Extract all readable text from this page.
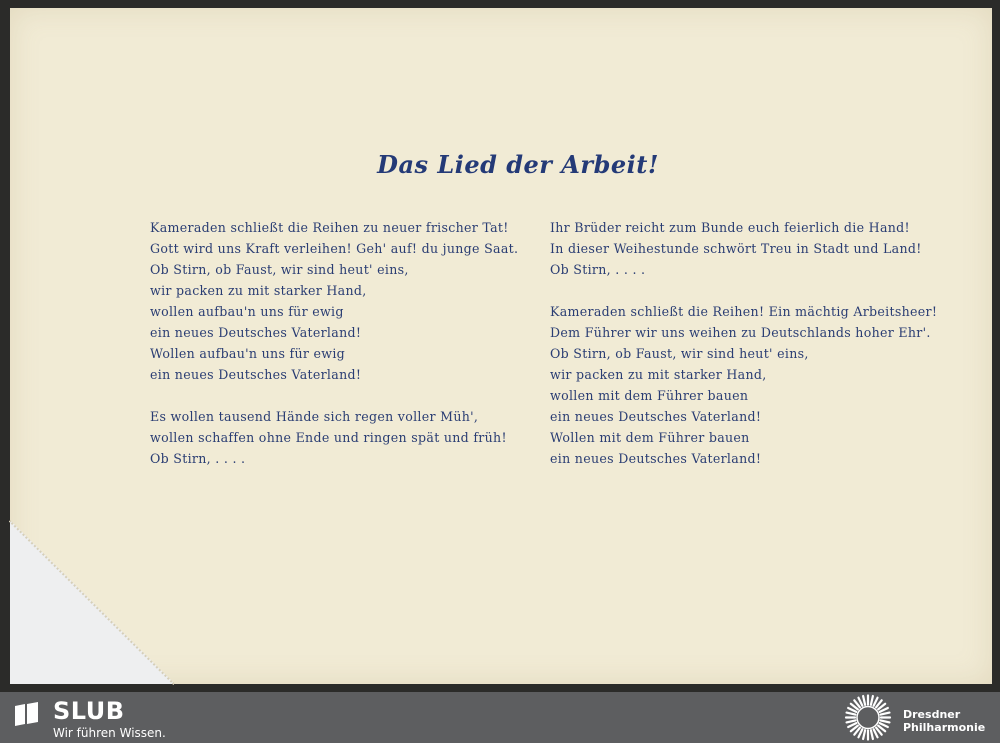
Das Lied der Arbeit!
Kameraden schließt die Reihen zu neuer frischer Tat!
Gott wird uns Kraft verleihen! Geh' auf! du junge Saat.
Ob Stirn, ob Faust, wir sind heut' eins,
wir packen zu mit starker Hand,
wollen aufbau'n uns für ewig
ein neues Deutsches Vaterland!
Wollen aufbau'n uns für ewig
ein neues Deutsches Vaterland!
Es wollen tausend Hände sich regen voller Müh',
wollen schaffen ohne Ende und ringen spät und früh!
Ob Stirn, . . . .
Ihr Brüder reicht zum Bunde euch feierlich die Hand!
In dieser Weihestunde schwört Treu in Stadt und Land!
Ob Stirn, . . . .
Kameraden schließt die Reihen! Ein mächtig Arbeitsheer!
Dem Führer wir uns weihen zu Deutschlands hoher Ehr'.
Ob Stirn, ob Faust, wir sind heut' eins,
wir packen zu mit starker Hand,
wollen mit dem Führer bauen
ein neues Deutsches Vaterland!
Wollen mit dem Führer bauen
ein neues Deutsches Vaterland!
SLUB
Wir führen Wissen.
Dresdner
Philharmonie
